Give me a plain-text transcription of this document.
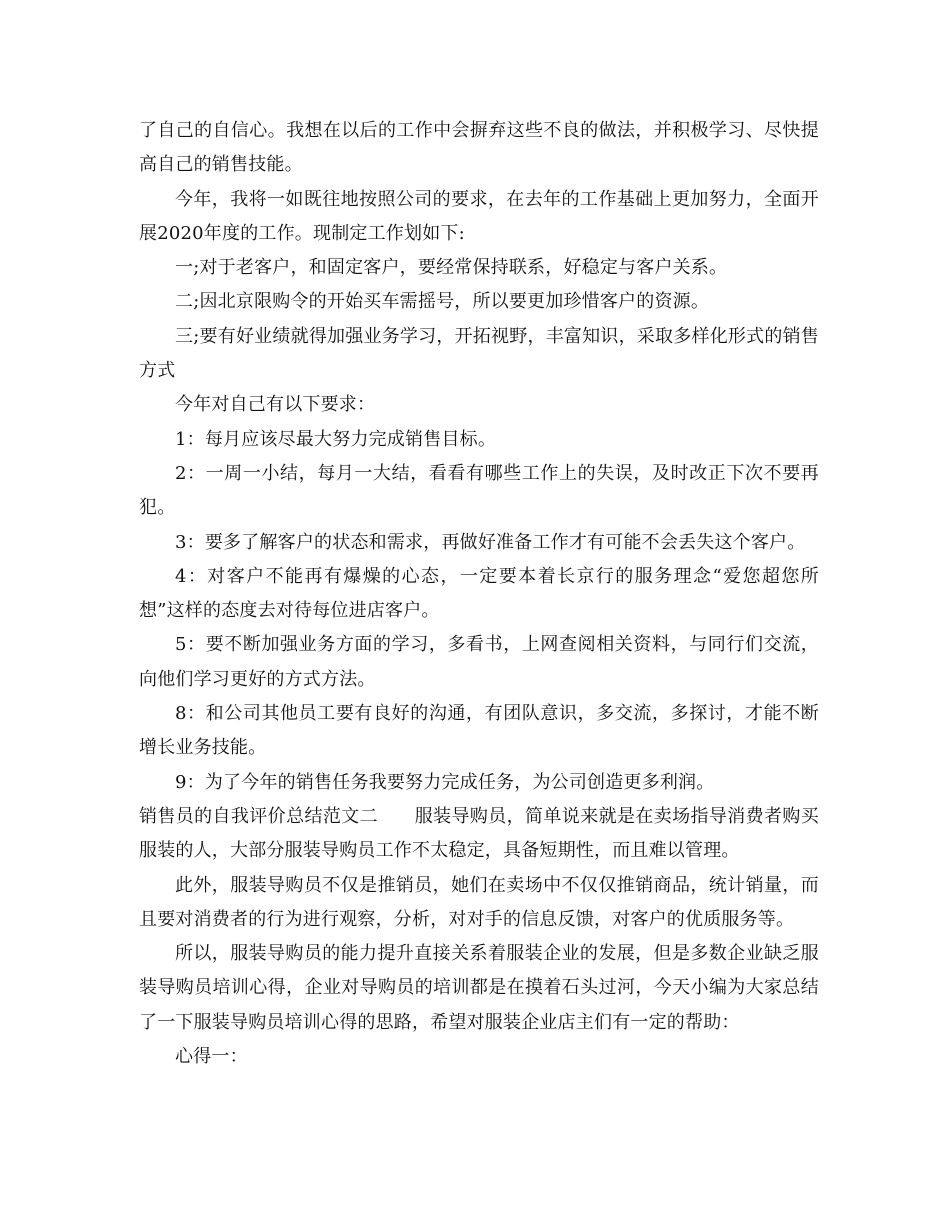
了自己的自信心。我想在以后的工作中会摒弃这些不良的做法，并积极学习、尽快提高自己的销售技能。

今年，我将一如既往地按照公司的要求，在去年的工作基础上更加努力，全面开展2020年度的工作。现制定工作划如下:

一;对于老客户，和固定客户，要经常保持联系，好稳定与客户关系。

二;因北京限购令的开始买车需摇号，所以要更加珍惜客户的资源。

三;要有好业绩就得加强业务学习，开拓视野，丰富知识，采取多样化形式的销售方式

今年对自己有以下要求：

1：每月应该尽最大努力完成销售目标。

2：一周一小结，每月一大结，看看有哪些工作上的失误，及时改正下次不要再犯。

3：要多了解客户的状态和需求，再做好准备工作才有可能不会丢失这个客户。

4：对客户不能再有爆燥的心态，一定要本着长京行的服务理念“爱您超您所想”这样的态度去对待每位进店客户。

5：要不断加强业务方面的学习，多看书，上网查阅相关资料，与同行们交流，向他们学习更好的方式方法。

8：和公司其他员工要有良好的沟通，有团队意识，多交流，多探讨，才能不断增长业务技能。

9：为了今年的销售任务我要努力完成任务，为公司创造更多利润。

销售员的自我评价总结范文二　　服装导购员，简单说来就是在卖场指导消费者购买服装的人，大部分服装导购员工作不太稳定，具备短期性，而且难以管理。

此外，服装导购员不仅是推销员，她们在卖场中不仅仅推销商品，统计销量，而且要对消费者的行为进行观察，分析，对对手的信息反馈，对客户的优质服务等。

所以，服装导购员的能力提升直接关系着服装企业的发展，但是多数企业缺乏服装导购员培训心得，企业对导购员的培训都是在摸着石头过河，今天小编为大家总结了一下服装导购员培训心得的思路，希望对服装企业店主们有一定的帮助：

心得一：
